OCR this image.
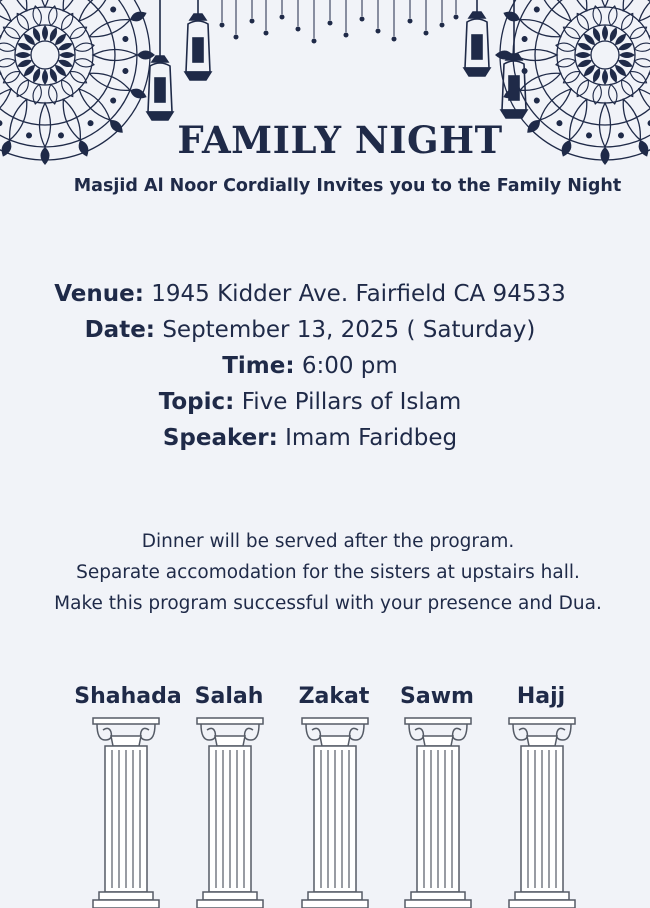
FAMILY NIGHT
Masjid Al Noor Cordially Invites you to the Family Night
Venue: 1945 Kidder Ave. Fairfield CA 94533
Date: September 13, 2025 ( Saturday)
Time: 6:00 pm
Topic: Five Pillars of Islam
Speaker: Imam Faridbeg
Dinner will be served after the program.
Separate accomodation for the sisters at upstairs hall.
Make this program successful with your presence and Dua.
Shahada Salah	Zakat	Sawm	Hajj
